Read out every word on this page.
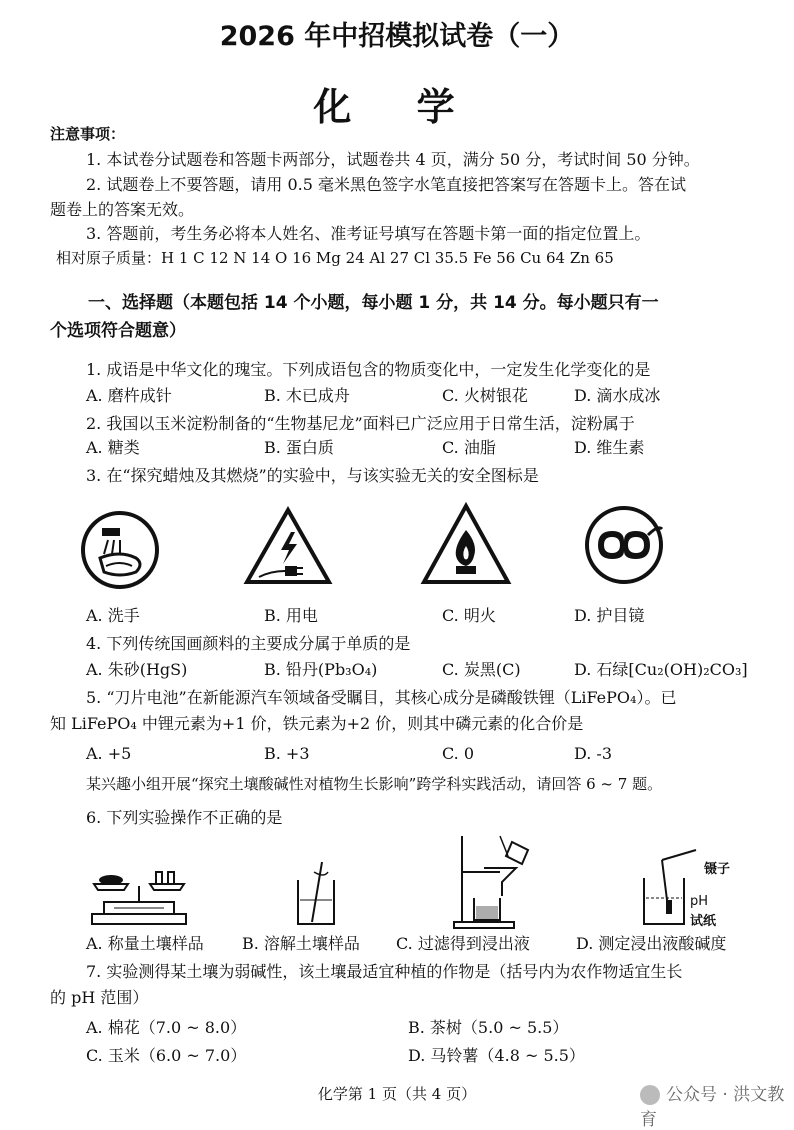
2026 年中招模拟试卷（一）
化 学
注意事项：
1. 本试卷分试题卷和答题卡两部分，试题卷共 4 页，满分 50 分，考试时间 50 分钟。
2. 试题卷上不要答题，请用 0.5 毫米黑色签字水笔直接把答案写在答题卡上。答在试
题卷上的答案无效。
3. 答题前，考生务必将本人姓名、准考证号填写在答题卡第一面的指定位置上。
相对原子质量：H 1 C 12 N 14 O 16 Mg 24 Al 27 Cl 35.5 Fe 56 Cu 64 Zn 65
一、选择题（本题包括 14 个小题，每小题 1 分，共 14 分。每小题只有一
个选项符合题意）
1. 成语是中华文化的瑰宝。下列成语包含的物质变化中，一定发生化学变化的是
A. 磨杵成针	B. 木已成舟	C. 火树银花	D. 滴水成冰
2. 我国以玉米淀粉制备的“生物基尼龙”面料已广泛应用于日常生活，淀粉属于
A. 糖类	B. 蛋白质	C. 油脂	D. 维生素
3. 在“探究蜡烛及其燃烧”的实验中，与该实验无关的安全图标是
A. 洗手	B. 用电	C. 明火	D. 护目镜
4. 下列传统国画颜料的主要成分属于单质的是
A. 朱砂(HgS)	B. 铅丹(Pb₃O₄)	C. 炭黑(C)	D. 石绿[Cu₂(OH)₂CO₃]
5. “刀片电池”在新能源汽车领域备受瞩目，其核心成分是磷酸铁锂（LiFePO₄）。已
知 LiFePO₄ 中锂元素为+1 价，铁元素为+2 价，则其中磷元素的化合价是
A. +5	B. +3	C. 0	D. -3
某兴趣小组开展“探究土壤酸碱性对植物生长影响”跨学科实践活动，请回答 6 ~ 7 题。
6. 下列实验操作不正确的是
镊子
pH
试纸
A. 称量土壤样品 B. 溶解土壤样品 C. 过滤得到浸出液	D. 测定浸出液酸碱度
7. 实验测得某土壤为弱碱性，该土壤最适宜种植的作物是（括号内为农作物适宜生长
的 pH 范围）
A. 棉花（7.0 ~ 8.0）	B. 茶树（5.0 ~ 5.5）
C. 玉米（6.0 ~ 7.0）	D. 马铃薯（4.8 ~ 5.5）
化学第 1 页（共 4 页）	公众号 · 洪文教育
